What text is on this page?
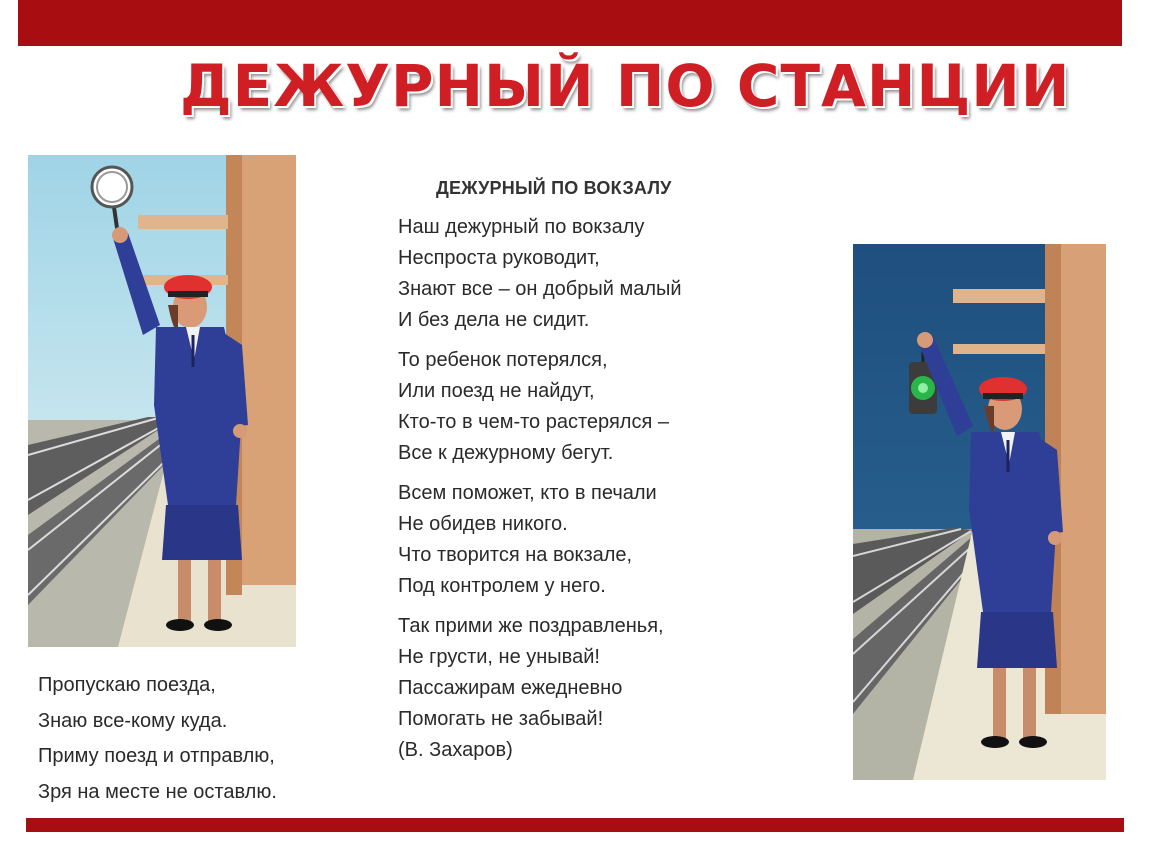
ДЕЖУРНЫЙ ПО СТАНЦИИ
ДЕЖУРНЫЙ ПО ВОКЗАЛУ

Наш дежурный по вокзалу
Неспроста руководит,
Знают все – он добрый малый
И без дела не сидит.

То ребенок потерялся,
Или поезд не найдут,
Кто-то в чем-то растерялся –
Все к дежурному бегут.

Всем поможет, кто в печали
Не обидев никого.
Что творится на вокзале,
Под контролем у него.

Так прими же поздравленья,
Не грусти, не унывай!
Пассажирам ежедневно
Помогать не забывай!
(В. Захаров)

Пропускаю поезда,
Знаю все-кому куда.
Приму поезд и отправлю,
Зря на месте не оставлю.
